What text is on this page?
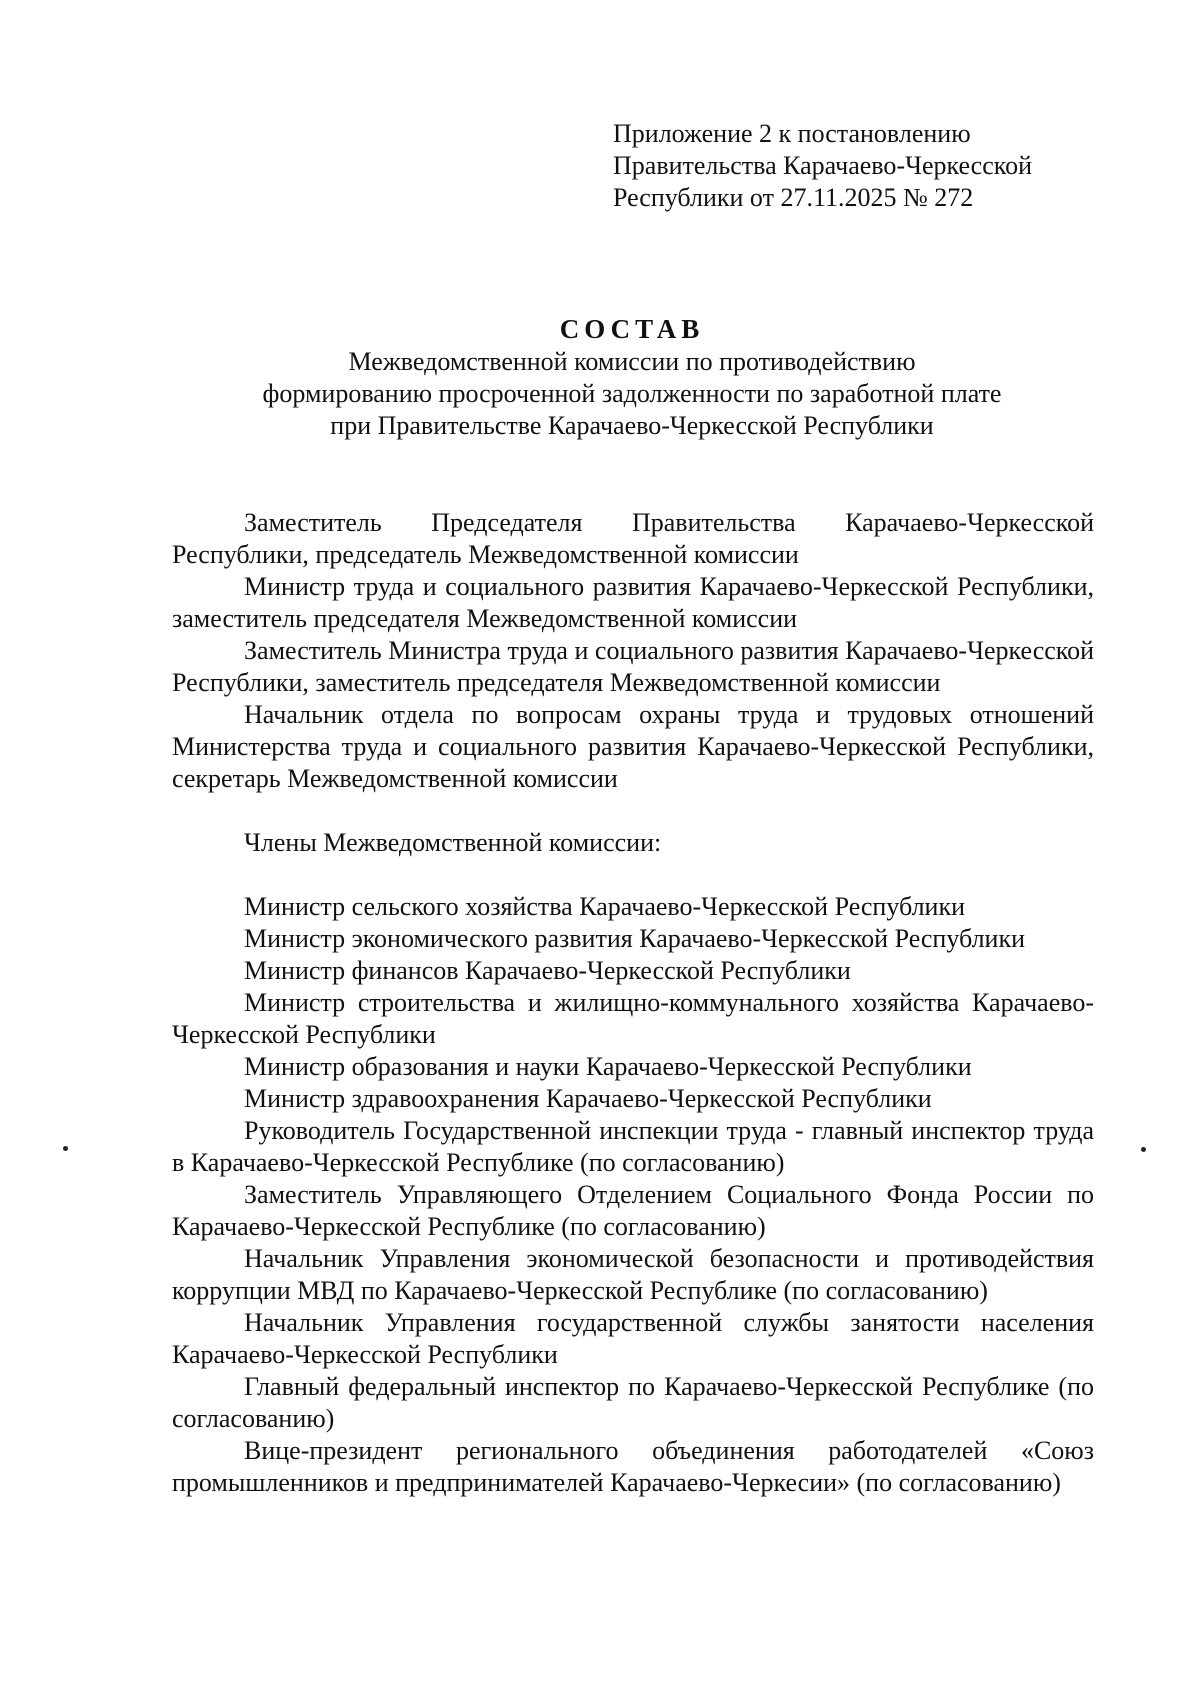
Приложение 2 к постановлению
Правительства Карачаево-Черкесской
Республики от 27.11.2025 № 272
СОСТАВ
Межведомственной комиссии по противодействию
формированию просроченной задолженности по заработной плате
при Правительстве Карачаево-Черкесской Республики

Заместитель Председателя Правительства Карачаево-Черкесской Республики, председатель Межведомственной комиссии

Министр труда и социального развития Карачаево-Черкесской Республики, заместитель председателя Межведомственной комиссии

Заместитель Министра труда и социального развития Карачаево-Черкесской Республики, заместитель председателя Межведомственной комиссии

Начальник отдела по вопросам охраны труда и трудовых отношений Министерства труда и социального развития Карачаево-Черкесской Республики, секретарь Межведомственной комиссии

Члены Межведомственной комиссии:

Министр сельского хозяйства Карачаево-Черкесской Республики

Министр экономического развития Карачаево-Черкесской Республики

Министр финансов Карачаево-Черкесской Республики

Министр строительства и жилищно-коммунального хозяйства Карачаево-Черкесской Республики

Министр образования и науки Карачаево-Черкесской Республики

Министр здравоохранения Карачаево-Черкесской Республики

Руководитель Государственной инспекции труда - главный инспектор труда в Карачаево-Черкесской Республике (по согласованию)

Заместитель Управляющего Отделением Социального Фонда России по Карачаево-Черкесской Республике (по согласованию)

Начальник Управления экономической безопасности и противодействия коррупции МВД по Карачаево-Черкесской Республике (по согласованию)

Начальник Управления государственной службы занятости населения Карачаево-Черкесской Республики

Главный федеральный инспектор по Карачаево-Черкесской Республике (по согласованию)

Вице-президент регионального объединения работодателей «Союз промышленников и предпринимателей Карачаево-Черкесии» (по согласованию)
